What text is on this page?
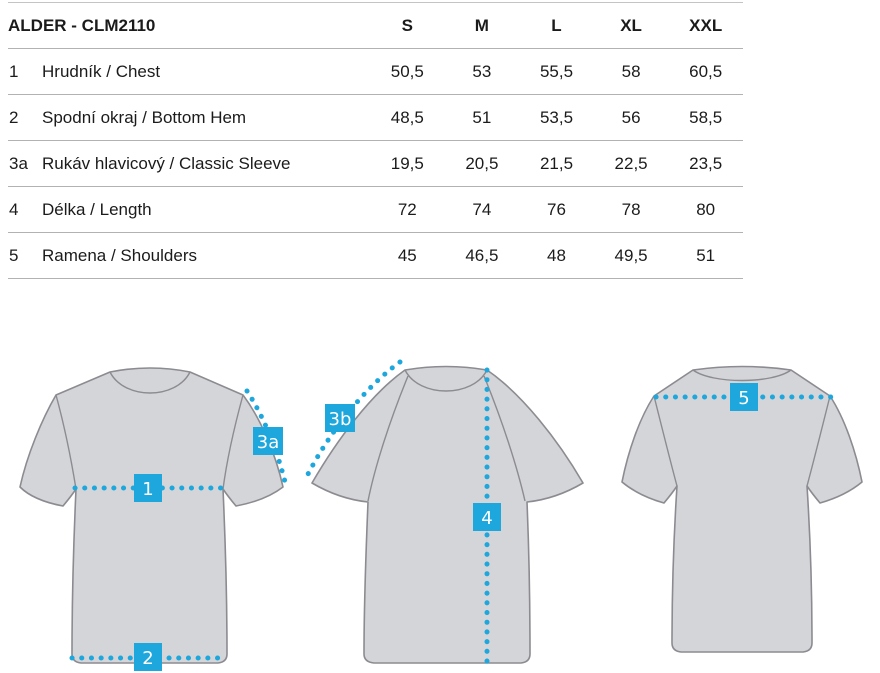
ALDER - CLM2110	S	M	L	XL	XXL
1	Hrudník / Chest	50,5	53	55,5	58	60,5
2	Spodní okraj / Bottom Hem	48,5	51	53,5	56	58,5
3a Rukáv hlavicový / Classic Sleeve	19,5	20,5	21,5	22,5	23,5
4	Délka / Length	72	74	76	78	80
5	Ramena / Shoulders	45	46,5	48	49,5	51
1
3a
2
3b
4
5
